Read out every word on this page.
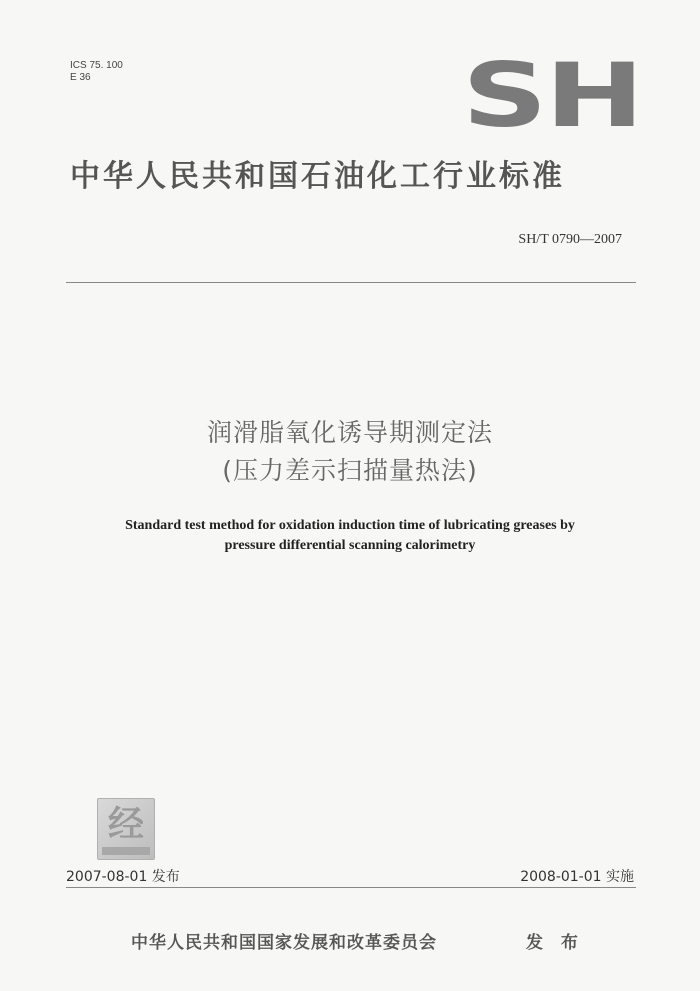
ICS 75. 100
E 36	SH
中华人民共和国石油化工行业标准
SH/T 0790—2007
润滑脂氧化诱导期测定法
(压力差示扫描量热法)
Standard test method for oxidation induction time of lubricating greases by
pressure differential scanning calorimetry
经
2007-08-01 发布	2008-01-01 实施
中华人民共和国国家发展和改革委员会	发 布
